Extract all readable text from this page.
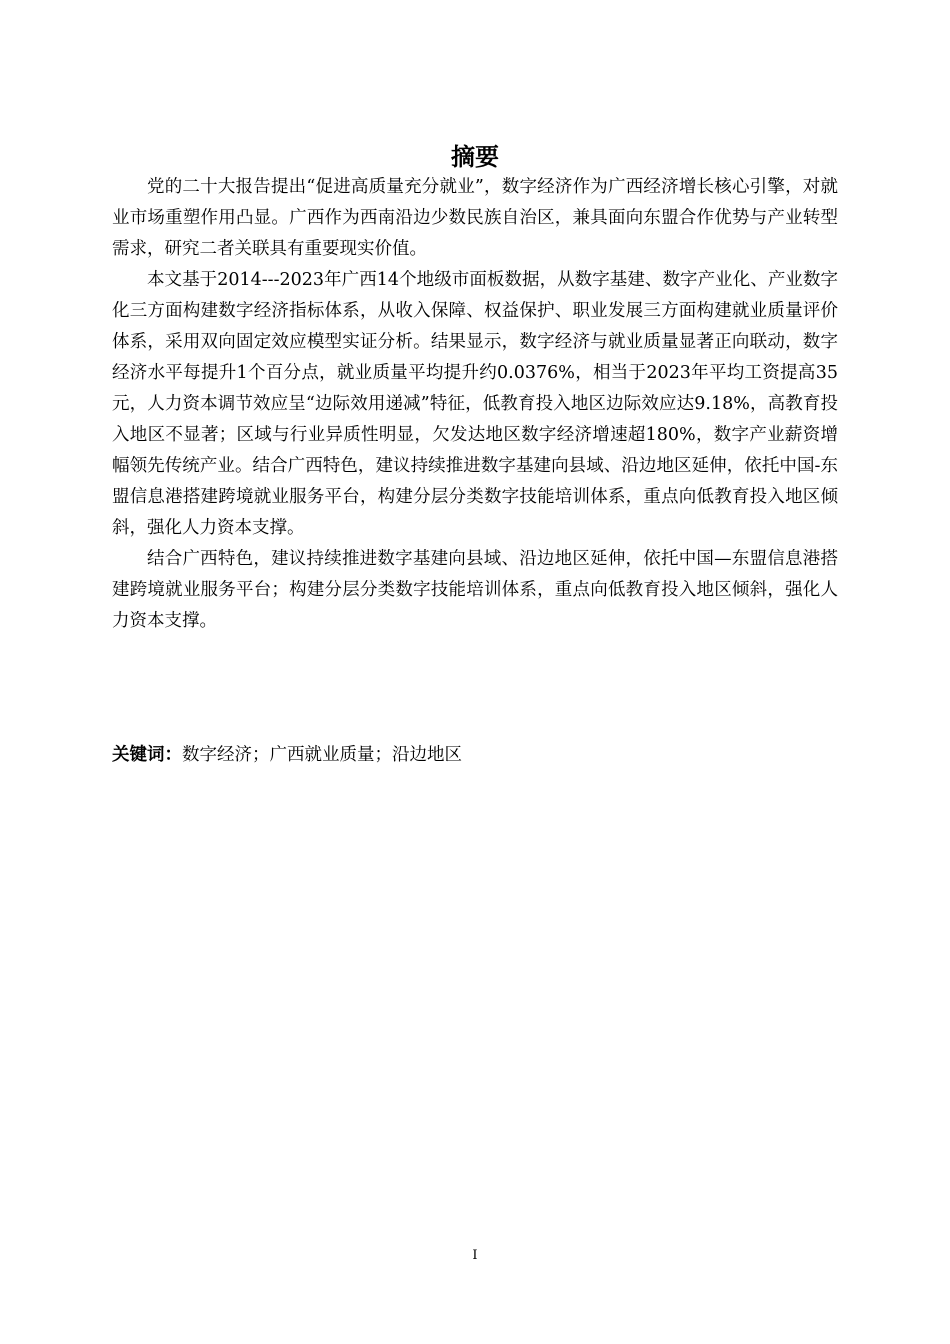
摘要

党的二十大报告提出“促进高质量充分就业”，数字经济作为广西经济增长核心引擎，对就业市场重塑作用凸显。广西作为西南沿边少数民族自治区，兼具面向东盟合作优势与产业转型需求，研究二者关联具有重要现实价值。

本文基于2014---2023年广西14个地级市面板数据，从数字基建、数字产业化、产业数字化三方面构建数字经济指标体系，从收入保障、权益保护、职业发展三方面构建就业质量评价体系，采用双向固定效应模型实证分析。结果显示，数字经济与就业质量显著正向联动，数字经济水平每提升1个百分点，就业质量平均提升约0.0376%，相当于2023年平均工资提高35元，人力资本调节效应呈“边际效用递减”特征，低教育投入地区边际效应达9.18%，高教育投入地区不显著；区域与行业异质性明显，欠发达地区数字经济增速超180%，数字产业薪资增幅领先传统产业。结合广西特色，建议持续推进数字基建向县域、沿边地区延伸，依托中国-东盟信息港搭建跨境就业服务平台，构建分层分类数字技能培训体系，重点向低教育投入地区倾斜，强化人力资本支撑。

结合广西特色，建议持续推进数字基建向县域、沿边地区延伸，依托中国—东盟信息港搭建跨境就业服务平台；构建分层分类数字技能培训体系，重点向低教育投入地区倾斜，强化人力资本支撑。

关键词：数字经济；广西就业质量；沿边地区
I
